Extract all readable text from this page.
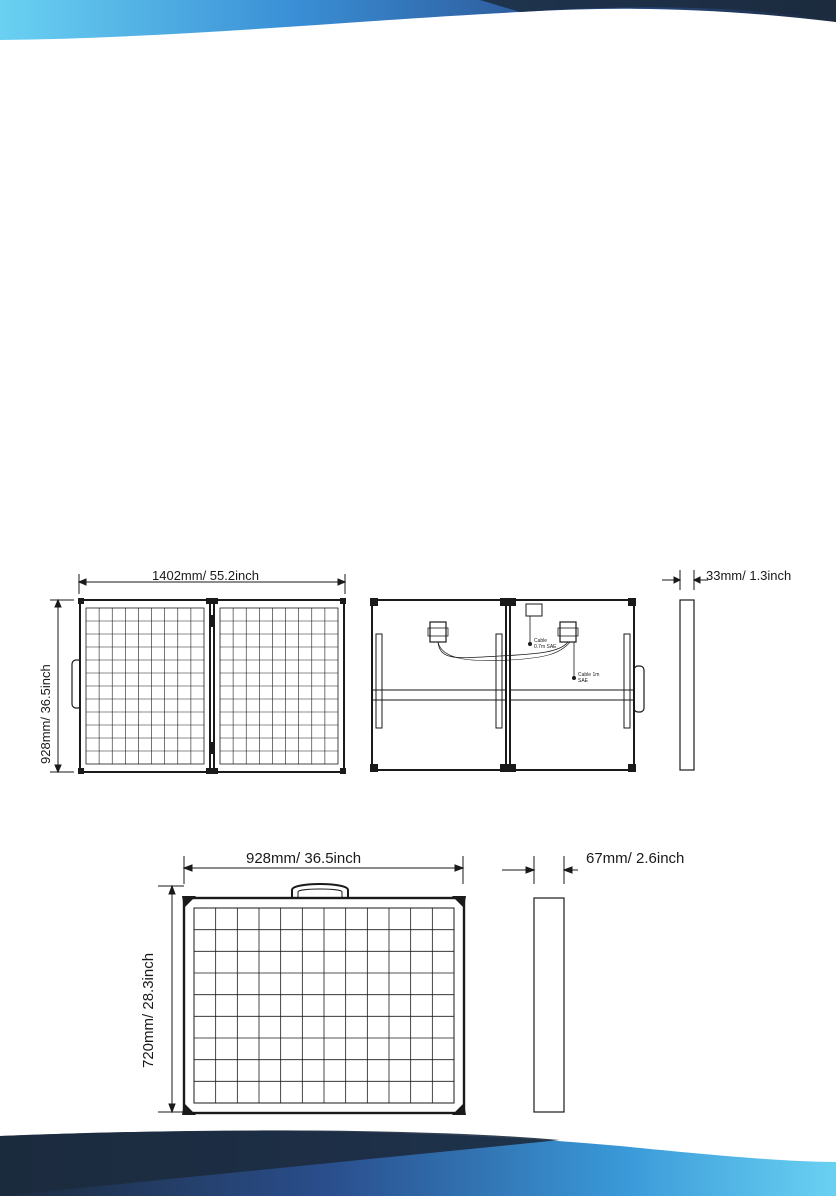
1402mm/ 55.2inch
928mm/ 36.5inch
Cable 0.7m SAE
Cable 1m SAE
33mm/ 1.3inch
928mm/ 36.5inch
720mm/ 28.3inch
67mm/ 2.6inch
